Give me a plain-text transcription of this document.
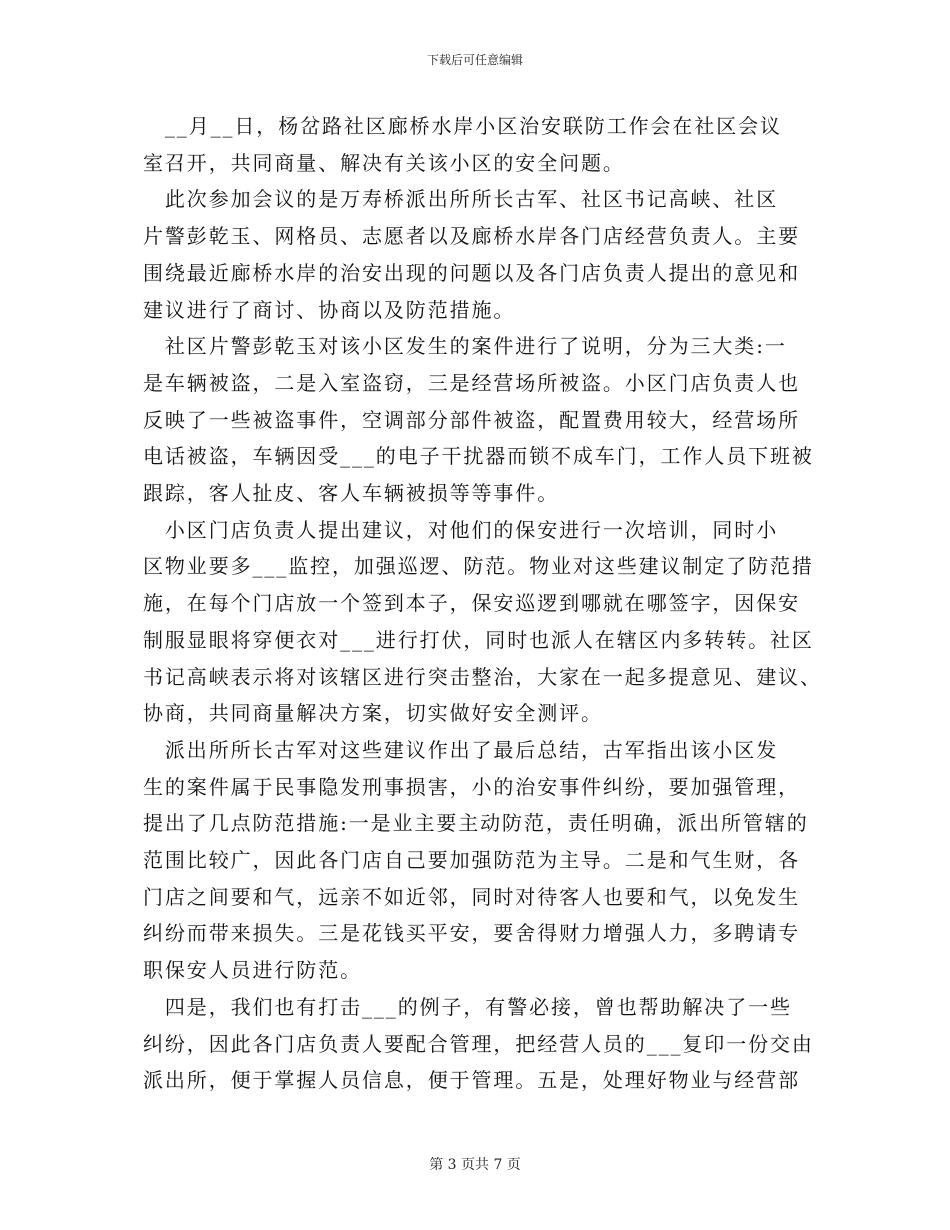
下载后可任意编辑

　__月__日，杨岔路社区廊桥水岸小区治安联防工作会在社区会议
室召开，共同商量、解决有关该小区的安全问题。

　此次参加会议的是万寿桥派出所所长古军、社区书记高峡、社区
片警彭乾玉、网格员、志愿者以及廊桥水岸各门店经营负责人。主要
围绕最近廊桥水岸的治安出现的问题以及各门店负责人提出的意见和
建议进行了商讨、协商以及防范措施。

　社区片警彭乾玉对该小区发生的案件进行了说明，分为三大类:一
是车辆被盗，二是入室盗窃，三是经营场所被盗。小区门店负责人也
反映了一些被盗事件，空调部分部件被盗，配置费用较大，经营场所
电话被盗，车辆因受___的电子干扰器而锁不成车门，工作人员下班被
跟踪，客人扯皮、客人车辆被损等等事件。

　小区门店负责人提出建议，对他们的保安进行一次培训，同时小
区物业要多___监控，加强巡逻、防范。物业对这些建议制定了防范措
施，在每个门店放一个签到本子，保安巡逻到哪就在哪签字，因保安
制服显眼将穿便衣对___进行打伏，同时也派人在辖区内多转转。社区
书记高峡表示将对该辖区进行突击整治，大家在一起多提意见、建议、
协商，共同商量解决方案，切实做好安全测评。

　派出所所长古军对这些建议作出了最后总结，古军指出该小区发
生的案件属于民事隐发刑事损害，小的治安事件纠纷，要加强管理，
提出了几点防范措施:一是业主要主动防范，责任明确，派出所管辖的
范围比较广，因此各门店自己要加强防范为主导。二是和气生财，各
门店之间要和气，远亲不如近邻，同时对待客人也要和气，以免发生
纠纷而带来损失。三是花钱买平安，要舍得财力增强人力，多聘请专
职保安人员进行防范。

　四是，我们也有打击___的例子，有警必接，曾也帮助解决了一些
纠纷，因此各门店负责人要配合管理，把经营人员的___复印一份交由
派出所，便于掌握人员信息，便于管理。五是，处理好物业与经营部

第 3 页共 7 页
